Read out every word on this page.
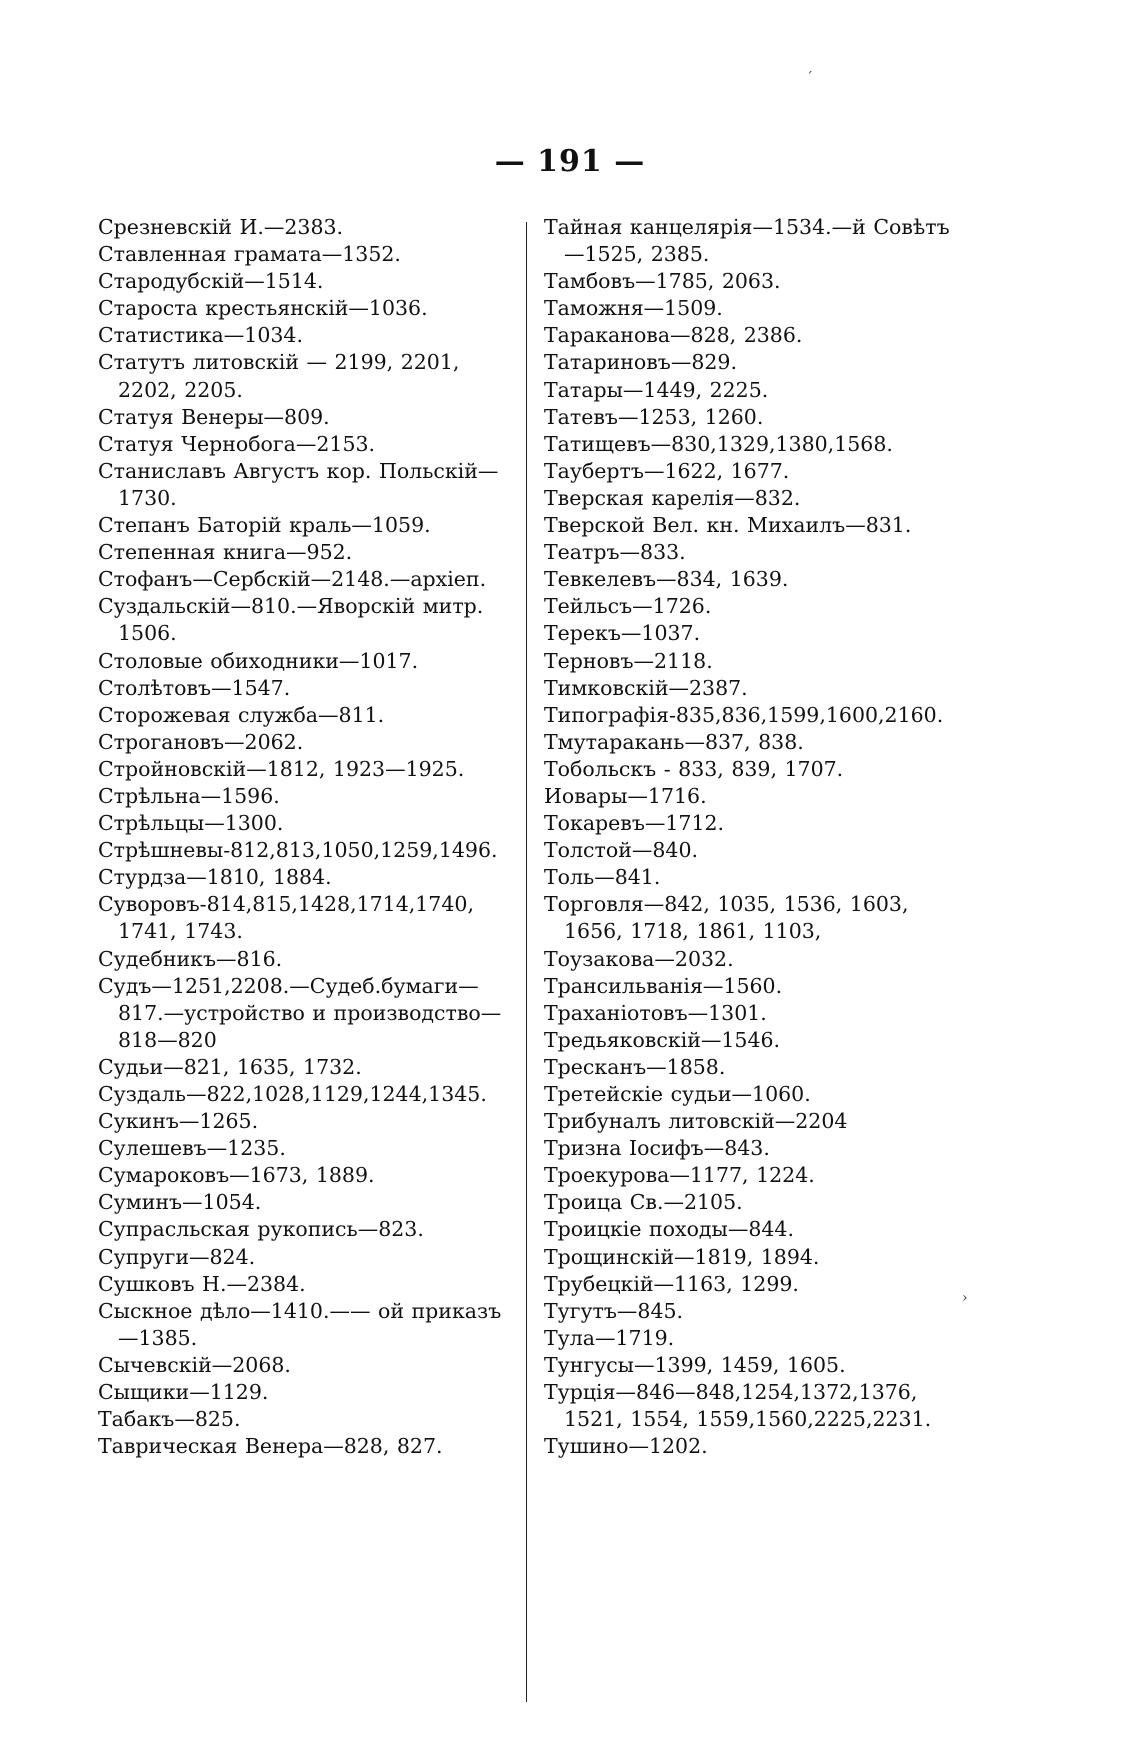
— 191 —
Срезневскій И.—2383.
Ставленная грамата—1352.
Стародубскій—1514.
Староста крестьянскій—1036.
Статистика—1034.
Статутъ литовскій — 2199, 2201, 2202, 2205.
Статуя Венеры—809.
Статуя Чернобога—2153.
Станиславъ Августъ кор. Польскій—1730.
Степанъ Баторій краль—1059.
Степенная книга—952.
Стофанъ—Сербскій—2148.—архіеп.
Суздальскій—810.—Яворскій митр. 1506.
Столовые обиходники—1017.
Столѣтовъ—1547.
Сторожевая служба—811.
Строгановъ—2062.
Стройновскій—1812, 1923—1925.
Стрѣльна—1596.
Стрѣльцы—1300.
Стрѣшневы-812,813,1050,1259,1496.
Стурдза—1810, 1884.
Суворовъ-814,815,1428,1714,1740, 1741, 1743.
Судебникъ—816.
Судъ—1251,2208.—Судеб.бумаги—817.—устройство и производство—818—820
Судьи—821, 1635, 1732.
Суздаль—822,1028,1129,1244,1345.
Сукинъ—1265.
Сулешевъ—1235.
Сумароковъ—1673, 1889.
Суминъ—1054.
Супрасльская рукопись—823.
Супруги—824.
Сушковъ Н.—2384.
Сыскное дѣло—1410.—— ой приказъ—1385.
Сычевскій—2068.
Сыщики—1129.
Табакъ—825.
Таврическая Венера—828, 827.
Тайная канцелярія—1534.—й Совѣтъ—1525, 2385.
Тамбовъ—1785, 2063.
Таможня—1509.
Тараканова—828, 2386.
Татариновъ—829.
Татары—1449, 2225.
Татевъ—1253, 1260.
Татищевъ—830,1329,1380,1568.
Таубертъ—1622, 1677.
Тверская карелія—832.
Тверской Вел. кн. Михаилъ—831.
Театръ—833.
Тевкелевъ—834, 1639.
Тейльсъ—1726.
Терекъ—1037.
Терновъ—2118.
Тимковскій—2387.
Типографія-835,836,1599,1600,2160.
Тмутаракань—837, 838.
Тобольскъ - 833, 839, 1707.
Иовары—1716.
Токаревъ—1712.
Толстой—840.
Толь—841.
Торговля—842, 1035, 1536, 1603, 1656, 1718, 1861, 1103,
Тоузакова—2032.
Трансильванія—1560.
Траханіотовъ—1301.
Тредьяковскій—1546.
Тресканъ—1858.
Третейскіе судьи—1060.
Трибуналъ литовскій—2204
Тризна Іосифъ—843.
Троекурова—1177, 1224.
Троица Св.—2105.
Троицкіе походы—844.
Трощинскій—1819, 1894.
Трубецкій—1163, 1299.
Тугутъ—845.
Тула—1719.
Тунгусы—1399, 1459, 1605.
Турція—846—848,1254,1372,1376, 1521, 1554, 1559,1560,2225,2231.
Тушино—1202.
ˊ
›
